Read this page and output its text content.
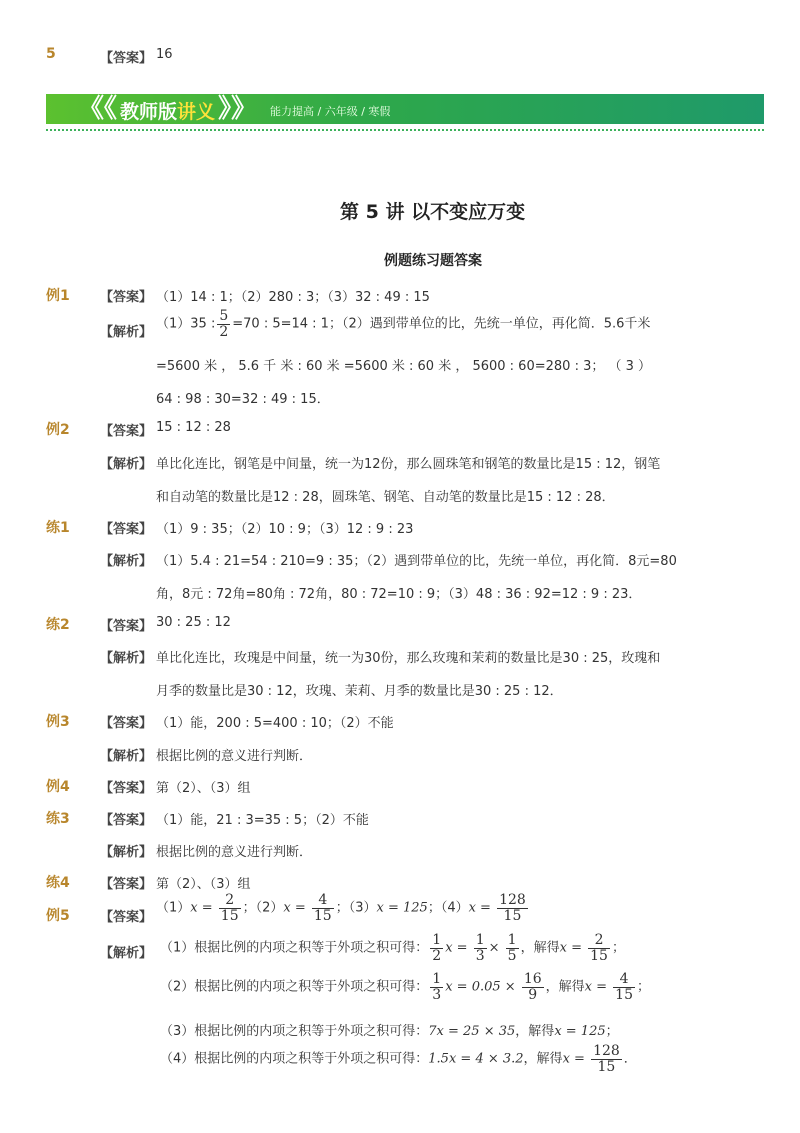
5	【答案】 16
《《 教师版讲义 》》 能力提高 / 六年级 / 寒假
第 5 讲 以不变应万变
例题练习题答案
例1 【答案】 （1）14 : 1；（2）280 : 3；（3）32 : 49 : 15
【解析】
（1）35 : $\frac{5}{2} =70$ : 5=14 : 1；（2）遇到带单位的比，先统一单位，再化简．5.6千米
=5600 米 ， 5.6 千 米 : 60 米 =5600 米 : 60 米 ， 5600 : 60=280 : 3； （ 3 ）
64 : 98 : 30=32 : 49 : 15．
例2 【答案】 15 : 12 : 28
【解析】 单比化连比，钢笔是中间量，统一为12份，那么圆珠笔和钢笔的数量比是15 : 12，钢笔
和自动笔的数量比是12 : 28，圆珠笔、钢笔、自动笔的数量比是15 : 12 : 28．
练1 【答案】 （1）9 : 35；（2）10 : 9；（3）12 : 9 : 23
【解析】 （1）5.4 : 21=54 : 210=9 : 35；（2）遇到带单位的比，先统一单位，再化简．8元=80
角，8元 : 72角=80角 : 72角，80 : 72=10 : 9；（3）48 : 36 : 92=12 : 9 : 23．
练2 【答案】 30 : 25 : 12
【解析】 单比化连比，玫瑰是中间量，统一为30份，那么玫瑰和茉莉的数量比是30 : 25，玫瑰和
月季的数量比是30 : 12，玫瑰、茉莉、月季的数量比是30 : 25 : 12．
例3 【答案】 （1）能，200 : 5=400 : 10；（2）不能
【解析】 根据比例的意义进行判断．
例4 【答案】 第（2）、（3）组
练3 【答案】 （1）能，21 : 3=35 : 5；（2）不能
【解析】 根据比例的意义进行判断．
练4 【答案】 第（2）、（3）组
例5 【答案】
$(1)x = \frac{2}{15}$ ；$(2)x = \frac{4}{15}$ ；（3）x = 125；$(4)x = \frac{128}{15}$
【解析】 （1）根据比例的内项之积等于外项之积可得： $\frac{1}{2}$ $x = \frac{1}{3} \times \frac{1}{5}$ ，解得$x = \frac{2}{15}$ ；
（2）根据比例的内项之积等于外项之积可得： $\frac{1}{3}$ $x = 0.05 \times \frac{16}{9}$ ，解得$x = \frac{4}{15}$ ；
（3）根据比例的内项之积等于外项之积可得：7x = 25 × 35，解得x = 125；
（4）根据比例的内项之积等于外项之积可得：1.5x = 4 × 3.2，解得$x = \frac{128}{15}$ ．
